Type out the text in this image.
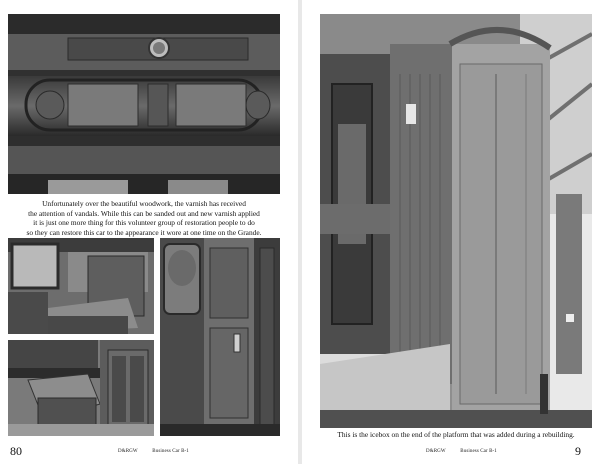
Unfortunately over the beautiful woodwork, the varnish has received
the attention of vandals. While this can be sanded out and new varnish applied
it is just one more thing for this volunteer group of restoration people to do
so they can restore this car to the appearance it wore at one time on the Grande.
80	D&RGW	Business Car B-1
This is the icebox on the end of the platform that was added during a rebuilding.
9
D&RGW	Business Car B-1
